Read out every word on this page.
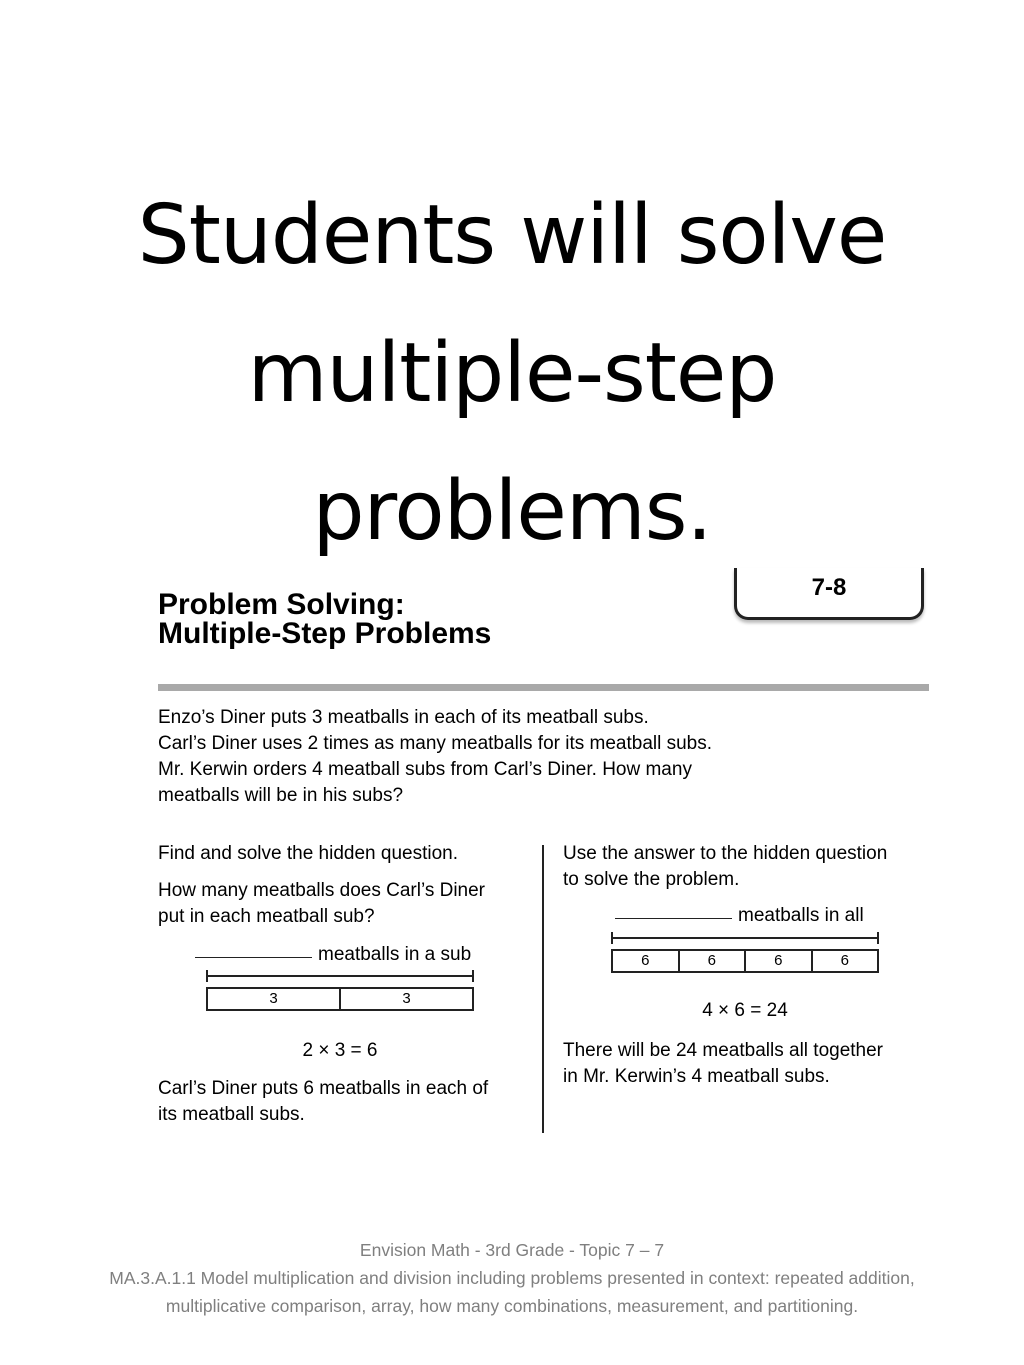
Students will solve
multiple-step
problems.
7-8
Problem Solving:
Multiple-Step Problems
Enzo’s Diner puts 3 meatballs in each of its meatball subs.
Carl’s Diner uses 2 times as many meatballs for its meatball subs.
Mr. Kerwin orders 4 meatball subs from Carl’s Diner. How many
meatballs will be in his subs?
Find and solve the hidden question.
How many meatballs does Carl’s Diner
put in each meatball sub?
meatballs in a sub
3	3
2 × 3 = 6
Carl’s Diner puts 6 meatballs in each of
its meatball subs.
Use the answer to the hidden question
to solve the problem.
meatballs in all
6	6	6	6
4 × 6 = 24
There will be 24 meatballs all together
in Mr. Kerwin’s 4 meatball subs.
Envision Math - 3rd Grade - Topic 7 – 7
MA.3.A.1.1 Model multiplication and division including problems presented in context: repeated addition,
multiplicative comparison, array, how many combinations, measurement, and partitioning.
